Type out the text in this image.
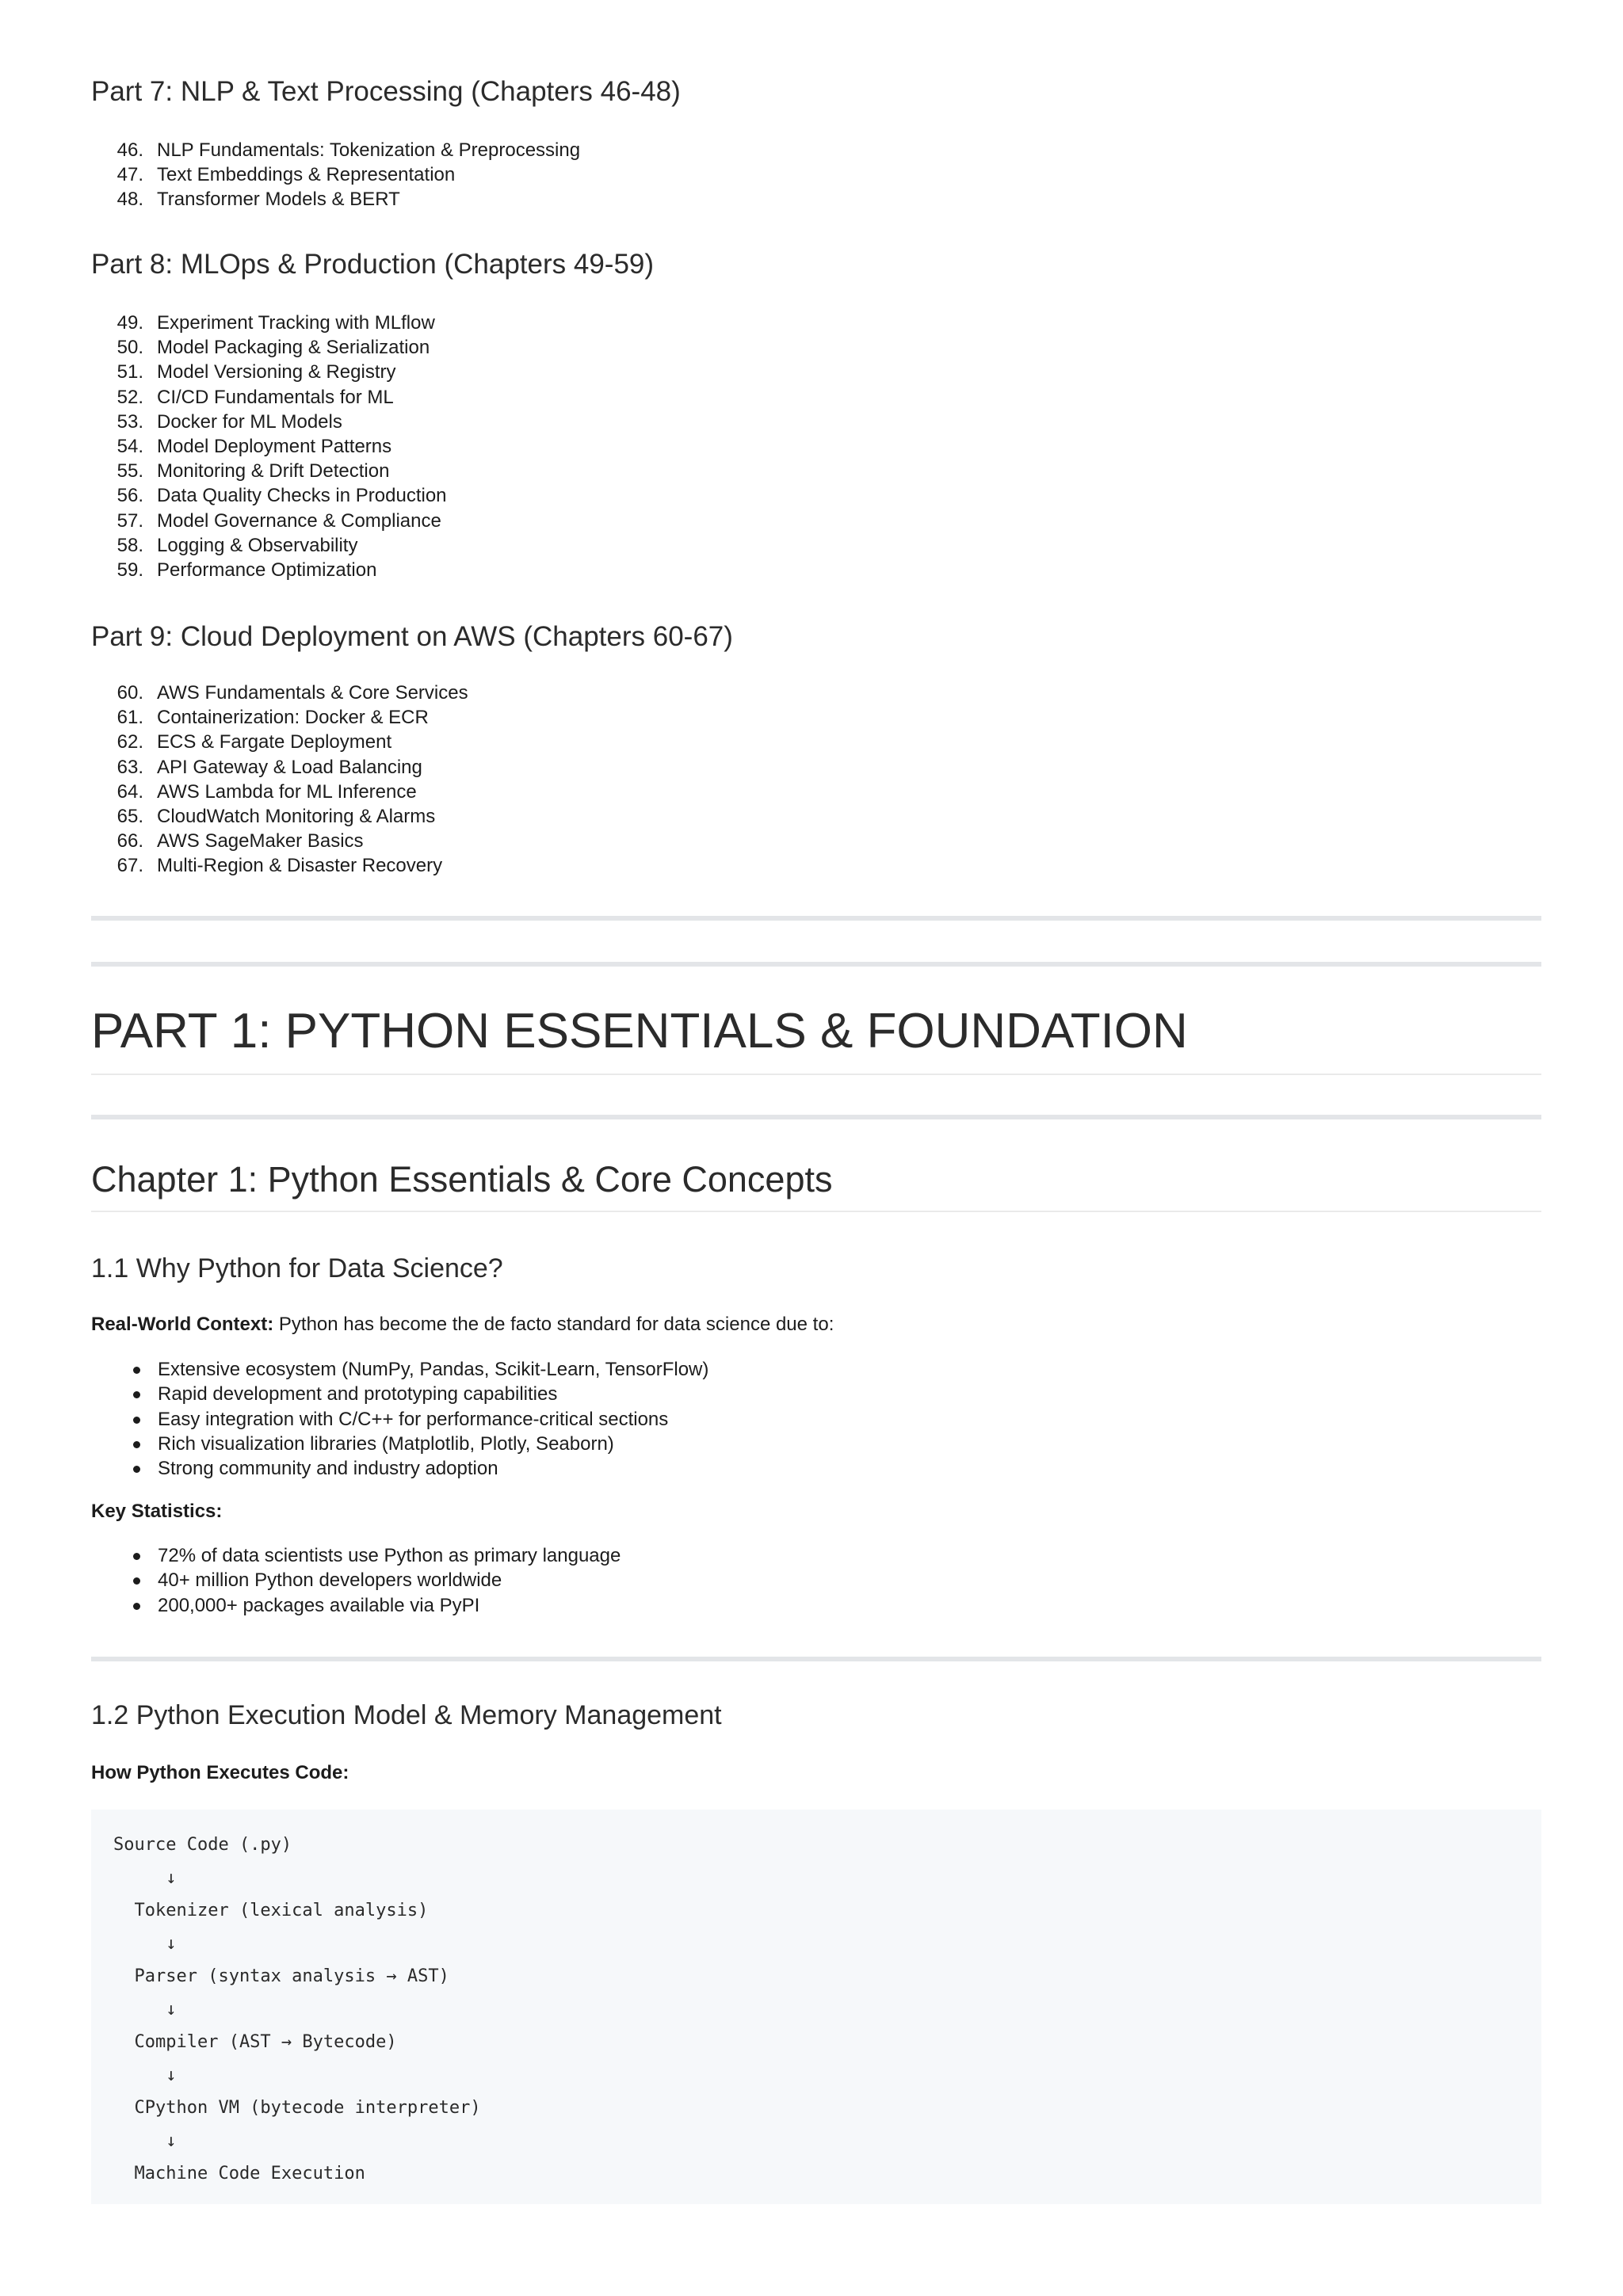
Part 7: NLP & Text Processing (Chapters 46-48)
46. NLP Fundamentals: Tokenization & Preprocessing
47. Text Embeddings & Representation
48. Transformer Models & BERT
Part 8: MLOps & Production (Chapters 49-59)
49. Experiment Tracking with MLflow
50. Model Packaging & Serialization
51. Model Versioning & Registry
52. CI/CD Fundamentals for ML
53. Docker for ML Models
54. Model Deployment Patterns
55. Monitoring & Drift Detection
56. Data Quality Checks in Production
57. Model Governance & Compliance
58. Logging & Observability
59. Performance Optimization
Part 9: Cloud Deployment on AWS (Chapters 60-67)
60. AWS Fundamentals & Core Services
61. Containerization: Docker & ECR
62. ECS & Fargate Deployment
63. API Gateway & Load Balancing
64. AWS Lambda for ML Inference
65. CloudWatch Monitoring & Alarms
66. AWS SageMaker Basics
67. Multi-Region & Disaster Recovery
PART 1: PYTHON ESSENTIALS & FOUNDATION
Chapter 1: Python Essentials & Core Concepts
1.1 Why Python for Data Science?

Real-World Context: Python has become the de facto standard for data science due to:

Extensive ecosystem (NumPy, Pandas, Scikit-Learn, TensorFlow)
Rapid development and prototyping capabilities
Easy integration with C/C++ for performance-critical sections
Rich visualization libraries (Matplotlib, Plotly, Seaborn)
Strong community and industry adoption

Key Statistics:

72% of data scientists use Python as primary language
40+ million Python developers worldwide
200,000+ packages available via PyPI
1.2 Python Execution Model & Memory Management

How Python Executes Code:

Source Code (.py)
↓
Tokenizer (lexical analysis)
↓
Parser (syntax analysis → AST)
↓
Compiler (AST → Bytecode)
↓
CPython VM (bytecode interpreter)
↓
Machine Code Execution
